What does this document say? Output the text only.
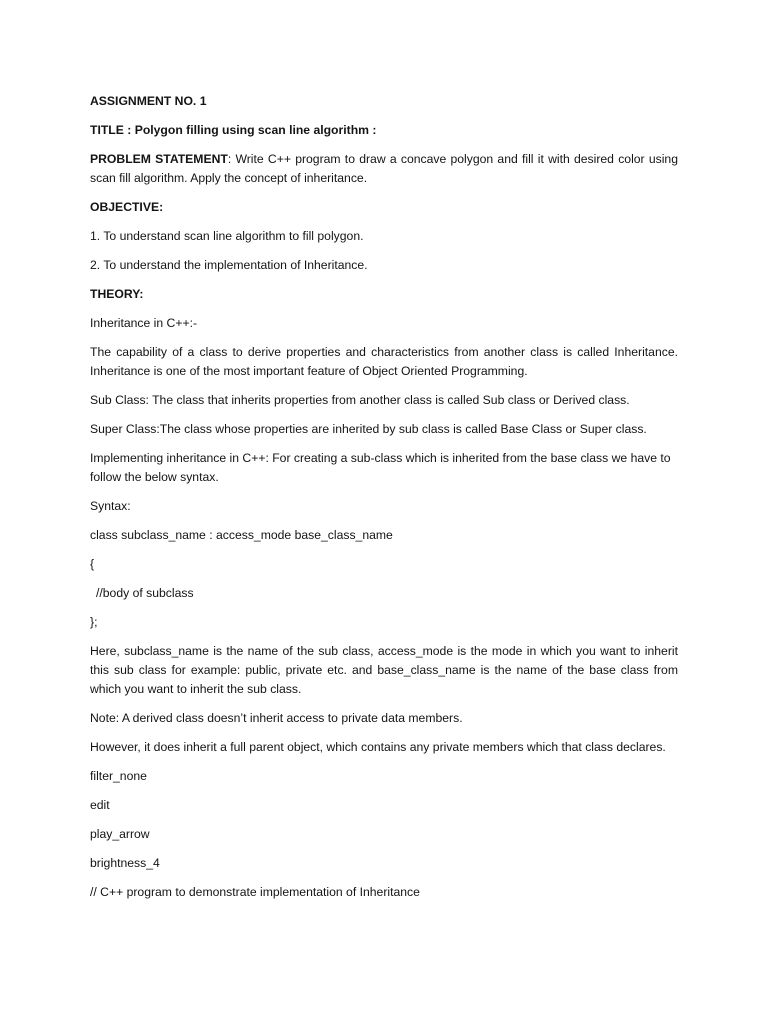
ASSIGNMENT NO. 1

TITLE : Polygon filling using scan line algorithm :

PROBLEM STATEMENT: Write C++ program to draw a concave polygon and fill it with desired color using scan fill algorithm. Apply the concept of inheritance.

OBJECTIVE:

1. To understand scan line algorithm to fill polygon.

2. To understand the implementation of Inheritance.

THEORY:

Inheritance in C++:-

The capability of a class to derive properties and characteristics from another class is called Inheritance. Inheritance is one of the most important feature of Object Oriented Programming.

Sub Class: The class that inherits properties from another class is called Sub class or Derived class.

Super Class:The class whose properties are inherited by sub class is called Base Class or Super class.

Implementing inheritance in C++: For creating a sub-class which is inherited from the base class we have to follow the below syntax.

Syntax:

class subclass_name : access_mode base_class_name

{

//body of subclass

};

Here, subclass_name is the name of the sub class, access_mode is the mode in which you want to inherit this sub class for example: public, private etc. and base_class_name is the name of the base class from which you want to inherit the sub class.

Note: A derived class doesn’t inherit access to private data members.

However, it does inherit a full parent object, which contains any private members which that class declares.

filter_none

edit

play_arrow

brightness_4

// C++ program to demonstrate implementation of Inheritance
